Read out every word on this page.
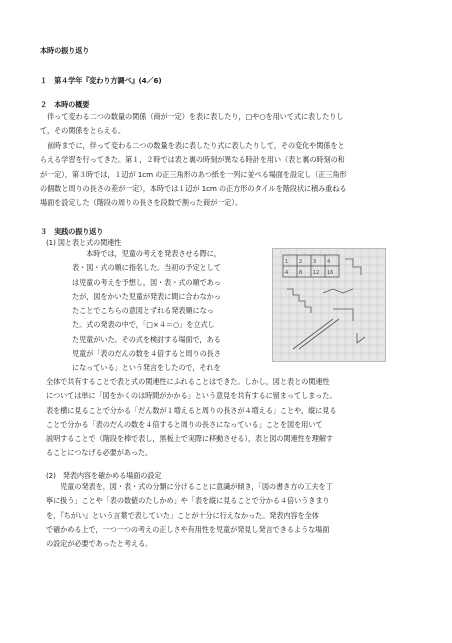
本時の振り返り
１　第４学年『変わり方調べ』(4／6)
２　本時の概要
　伴って変わる二つの数量の関係（商が一定）を表に表したり，□や○を用いて式に表したりし
て，その関係をとらえる。
　前時までに，伴って変わる二つの数量を表に表したり式に表したりして，その変化や関係をと
らえる学習を行ってきた。第１，２時では表と裏の時刻が異なる時計を用い（表と裏の時刻の和
が一定），第３時では，１辺が 1cm の正三角形のあつ紙を一列に並べる場面を設定し（正三角形
の個数と周りの長さの差が一定），本時では１辺が 1cm の正方形のタイルを階段状に積み重ねる
場面を設定した（階段の周りの長さを段数で割った商が一定）。
３　実践の振り返り
(1) 図と表と式の関連性
　　本時では，児童の考えを発表させる際に，
表・図・式の順に指名した。当初の予定として
は児童の考えを予想し，図・表・式の順であっ
たが，図をかいた児童が発表に間に合わなかっ
たことでこちらの意図とずれる発表順になっ
た。式の発表の中で，「□×４＝○」を立式し
た児童がいた。その式を検討する場面で，ある
児童が「表のだんの数を４倍すると周りの長さ
になっている」という発言をしたので，それを
1 2 3 4
4 8 12 16
全体で共有することで表と式の関連性にふれることはできた。しかし，図と表との関連性
については単に「図をかくのは時間がかかる」という意見を共有するに留まってしまった。
表を横に見ることで分かる「だん数が１増えると周りの長さが４増える」ことや，縦に見る
ことで分かる「表のだんの数を４倍すると周りの長さになっている」ことを図を用いて
説明することで（階段を棒で表し，黒板上で実際に移動させる），表と図の関連性を理解す
ることにつなげる必要があった。
(2)　発表内容を確かめる場面の設定
　　児童の発表を，図・表・式の分類に分けることに意識が傾き，「図の書き方の工夫を丁
寧に扱う」ことや「表の数値のたしかめ」や「表を縦に見ることで分かる４倍いうきまり
を，『ちがい』という言葉で表していた」ことが十分に行えなかった。発表内容を全体
で確かめる上で，一つ一つの考えの正しさや有用性を児童が発見し発言できるような場面
の設定が必要であったと考える。
